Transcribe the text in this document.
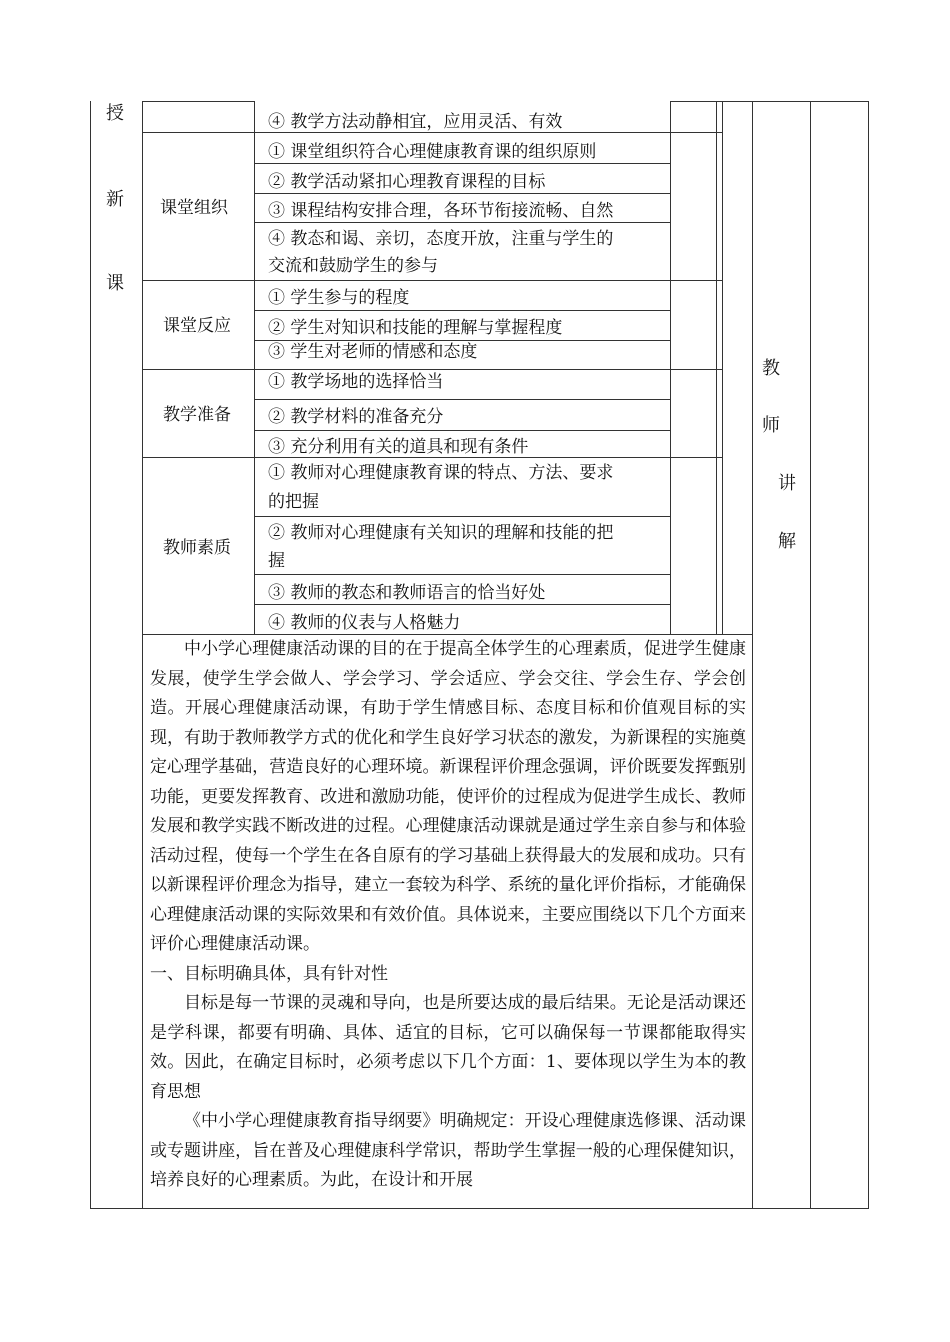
授
新
课
教
师
讲
解
课堂组织
课堂反应
教学准备
教师素质
④ 教学方法动静相宜，应用灵活、有效
① 课堂组织符合心理健康教育课的组织原则
② 教学活动紧扣心理教育课程的目标
③ 课程结构安排合理，各环节衔接流畅、自然
④ 教态和谒、亲切，态度开放，注重与学生的
交流和鼓励学生的参与
① 学生参与的程度
② 学生对知识和技能的理解与掌握程度
③ 学生对老师的情感和态度
① 教学场地的选择恰当
② 教学材料的准备充分
③ 充分利用有关的道具和现有条件
① 教师对心理健康教育课的特点、方法、要求
的把握
② 教师对心理健康有关知识的理解和技能的把
握
③ 教师的教态和教师语言的恰当好处
④ 教师的仪表与人格魅力

中小学心理健康活动课的目的在于提高全体学生的心理素质，促进学生健康发展，使学生学会做人、学会学习、学会适应、学会交往、学会生存、学会创造。开展心理健康活动课，有助于学生情感目标、态度目标和价值观目标的实现，有助于教师教学方式的优化和学生良好学习状态的激发，为新课程的实施奠定心理学基础，营造良好的心理环境。新课程评价理念强调，评价既要发挥甄别功能，更要发挥教育、改进和激励功能，使评价的过程成为促进学生成长、教师发展和教学实践不断改进的过程。心理健康活动课就是通过学生亲自参与和体验活动过程，使每一个学生在各自原有的学习基础上获得最大的发展和成功。只有以新课程评价理念为指导，建立一套较为科学、系统的量化评价指标，才能确保心理健康活动课的实际效果和有效价值。具体说来，主要应围绕以下几个方面来评价心理健康活动课。

一、目标明确具体，具有针对性

目标是每一节课的灵魂和导向，也是所要达成的最后结果。无论是活动课还是学科课，都要有明确、具体、适宜的目标，它可以确保每一节课都能取得实效。因此，在确定目标时，必须考虑以下几个方面：1、要体现以学生为本的教育思想

《中小学心理健康教育指导纲要》明确规定：开设心理健康选修课、活动课或专题讲座，旨在普及心理健康科学常识，帮助学生掌握一般的心理保健知识，培养良好的心理素质。为此，在设计和开展
